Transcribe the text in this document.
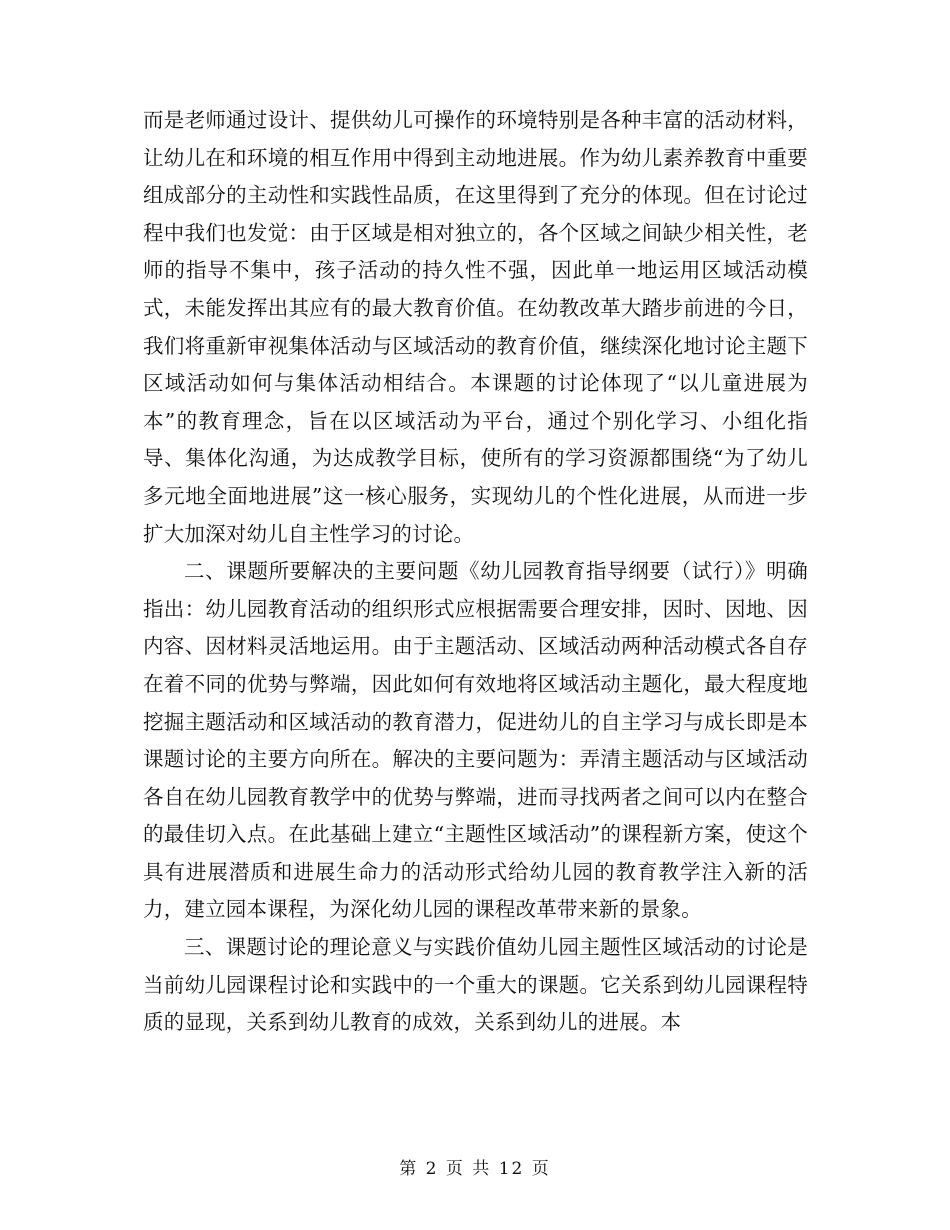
而是老师通过设计、提供幼儿可操作的环境特别是各种丰富的活动材料，让幼儿在和环境的相互作用中得到主动地进展。作为幼儿素养教育中重要组成部分的主动性和实践性品质，在这里得到了充分的体现。但在讨论过程中我们也发觉：由于区域是相对独立的，各个区域之间缺少相关性，老师的指导不集中，孩子活动的持久性不强，因此单一地运用区域活动模式，未能发挥出其应有的最大教育价值。在幼教改革大踏步前进的今日，我们将重新审视集体活动与区域活动的教育价值，继续深化地讨论主题下区域活动如何与集体活动相结合。本课题的讨论体现了“以儿童进展为本”的教育理念，旨在以区域活动为平台，通过个别化学习、小组化指导、集体化沟通，为达成教学目标，使所有的学习资源都围绕“为了幼儿多元地全面地进展”这一核心服务，实现幼儿的个性化进展，从而进一步扩大加深对幼儿自主性学习的讨论。

二、课题所要解决的主要问题《幼儿园教育指导纲要（试行）》明确指出：幼儿园教育活动的组织形式应根据需要合理安排，因时、因地、因内容、因材料灵活地运用。由于主题活动、区域活动两种活动模式各自存在着不同的优势与弊端，因此如何有效地将区域活动主题化，最大程度地挖掘主题活动和区域活动的教育潜力，促进幼儿的自主学习与成长即是本课题讨论的主要方向所在。解决的主要问题为：弄清主题活动与区域活动各自在幼儿园教育教学中的优势与弊端，进而寻找两者之间可以内在整合的最佳切入点。在此基础上建立“主题性区域活动”的课程新方案，使这个具有进展潜质和进展生命力的活动形式给幼儿园的教育教学注入新的活力，建立园本课程，为深化幼儿园的课程改革带来新的景象。

三、课题讨论的理论意义与实践价值幼儿园主题性区域活动的讨论是当前幼儿园课程讨论和实践中的一个重大的课题。它关系到幼儿园课程特质的显现，关系到幼儿教育的成效，关系到幼儿的进展。本

第 2 页 共 12 页
